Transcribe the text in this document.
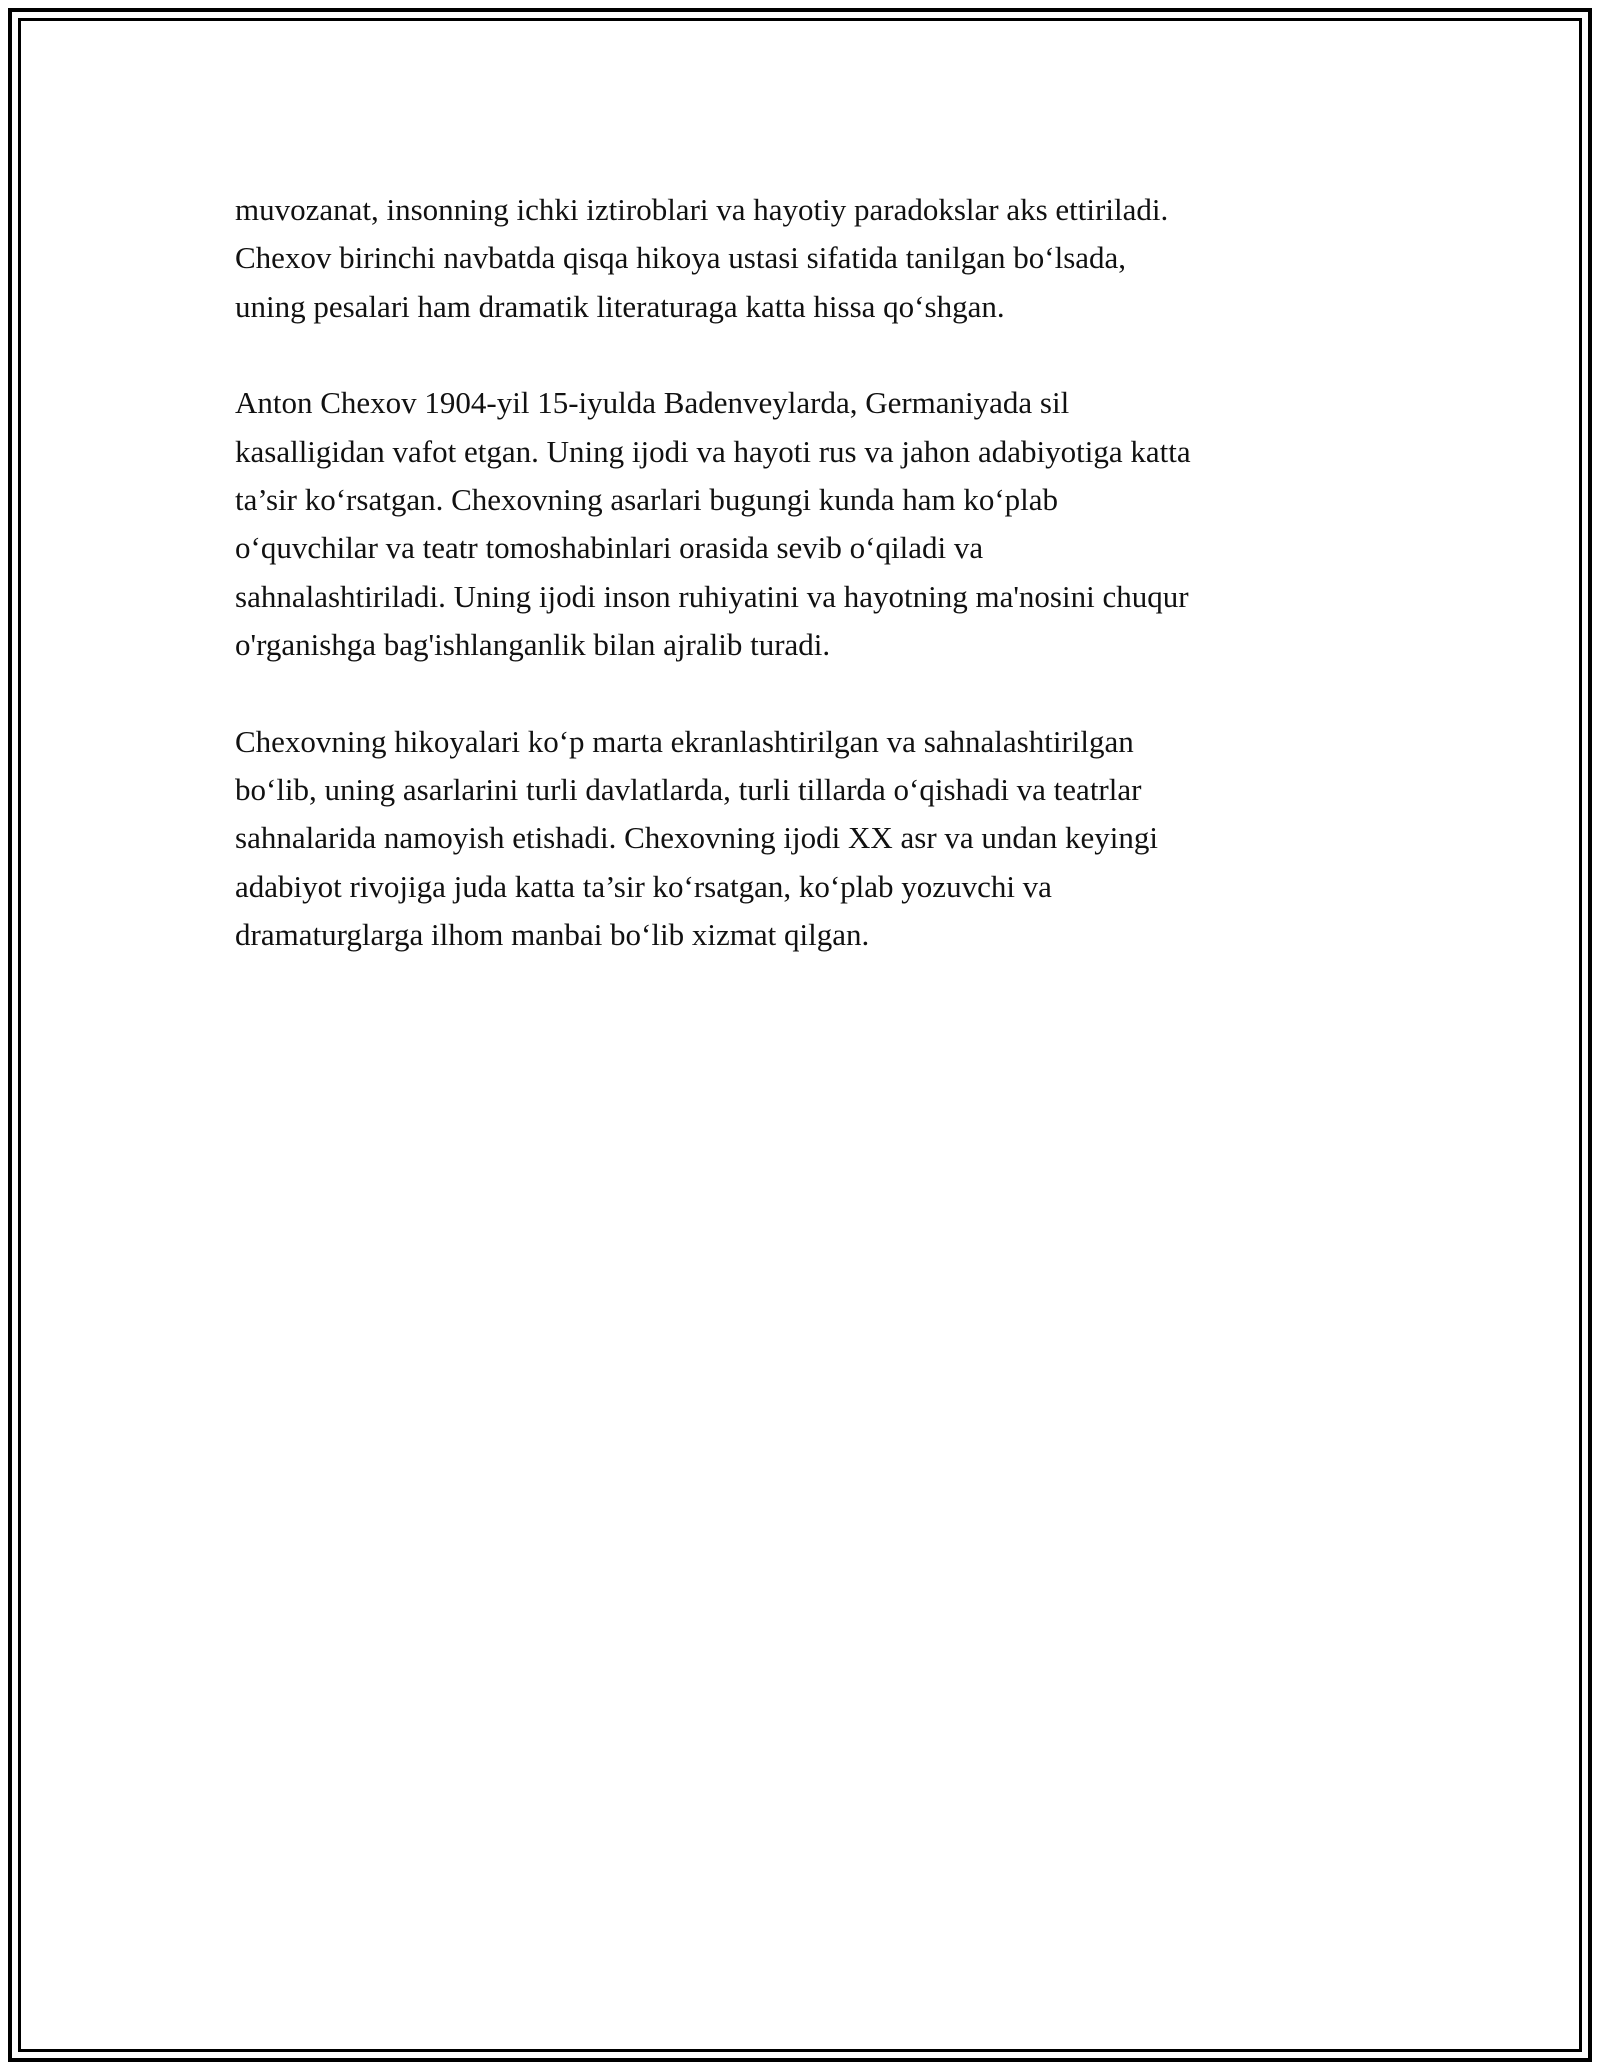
muvozanat, insonning ichki iztiroblari va hayotiy paradokslar aks ettiriladi.
Chexov birinchi navbatda qisqa hikoya ustasi sifatida tanilgan bo‘lsada,
uning pesalari ham dramatik literaturaga katta hissa qo‘shgan.

Anton Chexov 1904-yil 15-iyulda Badenveylarda, Germaniyada sil
kasalligidan vafot etgan. Uning ijodi va hayoti rus va jahon adabiyotiga katta
ta’sir ko‘rsatgan. Chexovning asarlari bugungi kunda ham ko‘plab
o‘quvchilar va teatr tomoshabinlari orasida sevib o‘qiladi va
sahnalashtiriladi. Uning ijodi inson ruhiyatini va hayotning ma'nosini chuqur
o'rganishga bag'ishlanganlik bilan ajralib turadi.

Chexovning hikoyalari ko‘p marta ekranlashtirilgan va sahnalashtirilgan
bo‘lib, uning asarlarini turli davlatlarda, turli tillarda o‘qishadi va teatrlar
sahnalarida namoyish etishadi. Chexovning ijodi XX asr va undan keyingi
adabiyot rivojiga juda katta ta’sir ko‘rsatgan, ko‘plab yozuvchi va
dramaturglarga ilhom manbai bo‘lib xizmat qilgan.
